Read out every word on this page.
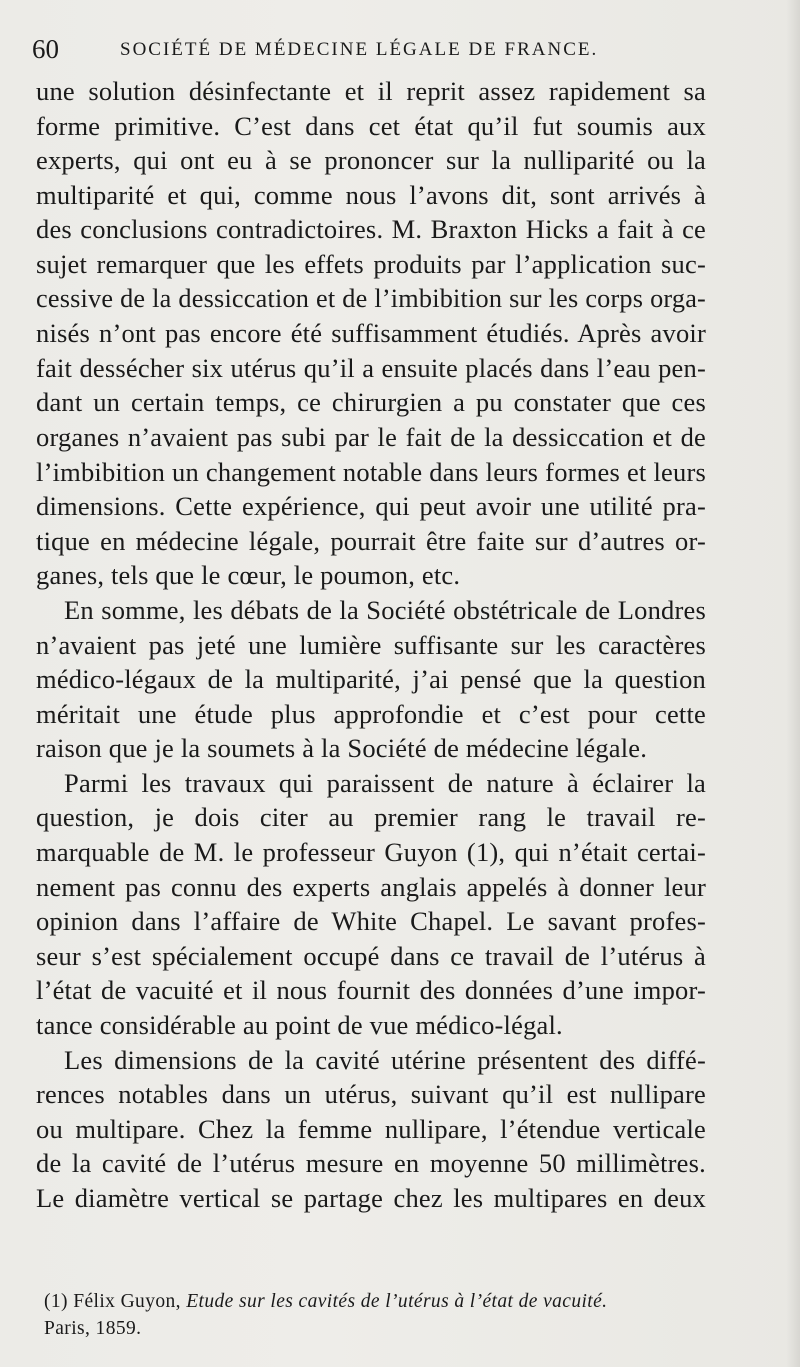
60	SOCIÉTÉ DE MÉDECINE LÉGALE DE FRANCE.
une solution désinfectante et il reprit assez rapidement sa
forme primitive. C’est dans cet état qu’il fut soumis aux
experts, qui ont eu à se prononcer sur la nulliparité ou la
multiparité et qui, comme nous l’avons dit, sont arrivés à
des conclusions contradictoires. M. Braxton Hicks a fait à ce
sujet remarquer que les effets produits par l’application suc-
cessive de la dessiccation et de l’imbibition sur les corps orga-
nisés n’ont pas encore été suffisamment étudiés. Après avoir
fait dessécher six utérus qu’il a ensuite placés dans l’eau pen-
dant un certain temps, ce chirurgien a pu constater que ces
organes n’avaient pas subi par le fait de la dessiccation et de
l’imbibition un changement notable dans leurs formes et leurs
dimensions. Cette expérience, qui peut avoir une utilité pra-
tique en médecine légale, pourrait être faite sur d’autres or-
ganes, tels que le cœur, le poumon, etc.
En somme, les débats de la Société obstétricale de Londres
n’avaient pas jeté une lumière suffisante sur les caractères
médico-légaux de la multiparité, j’ai pensé que la question
méritait une étude plus approfondie et c’est pour cette
raison que je la soumets à la Société de médecine légale.
Parmi les travaux qui paraissent de nature à éclairer la
question, je dois citer au premier rang le travail re-
marquable de M. le professeur Guyon (1), qui n’était certai-
nement pas connu des experts anglais appelés à donner leur
opinion dans l’affaire de White Chapel. Le savant profes-
seur s’est spécialement occupé dans ce travail de l’utérus à
l’état de vacuité et il nous fournit des données d’une impor-
tance considérable au point de vue médico-légal.
Les dimensions de la cavité utérine présentent des diffé-
rences notables dans un utérus, suivant qu’il est nullipare
ou multipare. Chez la femme nullipare, l’étendue verticale
de la cavité de l’utérus mesure en moyenne 50 millimètres.
Le diamètre vertical se partage chez les multipares en deux
(1) Félix Guyon, Etude sur les cavités de l’utérus à l’état de vacuité.
Paris, 1859.
